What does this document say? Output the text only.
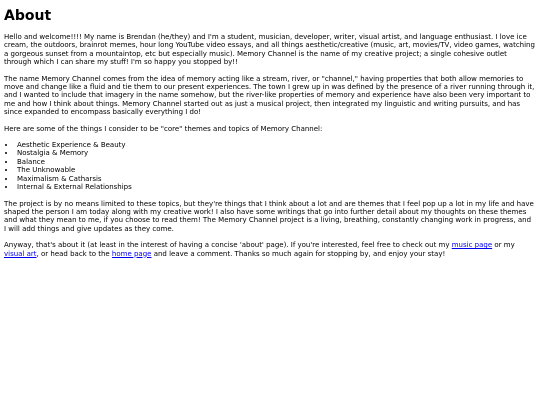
About

Hello and welcome!!!! My name is Brendan (he/they) and I'm a student, musician, developer, writer, visual artist, and language enthusiast. I love ice cream, the outdoors, brainrot memes, hour long YouTube video essays, and all things aesthetic/creative (music, art, movies/TV, video games, watching a gorgeous sunset from a mountaintop, etc but especially music). Memory Channel is the name of my creative project; a single cohesive outlet through which I can share my stuff! I'm so happy you stopped by!!

The name Memory Channel comes from the idea of memory acting like a stream, river, or "channel," having properties that both allow memories to move and change like a fluid and tie them to our present experiences. The town I grew up in was defined by the presence of a river running through it, and I wanted to include that imagery in the name somehow, but the river-like properties of memory and experience have also been very important to me and how I think about things. Memory Channel started out as just a musical project, then integrated my linguistic and writing pursuits, and has since expanded to encompass basically everything I do!

Here are some of the things I consider to be "core" themes and topics of Memory Channel:

• Aesthetic Experience & Beauty
• Nostalgia & Memory
• Balance
• The Unknowable
• Maximalism & Catharsis
• Internal & External Relationships

The project is by no means limited to these topics, but they're things that I think about a lot and are themes that I feel pop up a lot in my life and have shaped the person I am today along with my creative work! I also have some writings that go into further detail about my thoughts on these themes and what they mean to me, if you choose to read them! The Memory Channel project is a living, breathing, constantly changing work in progress, and I will add things and give updates as they come.

Anyway, that's about it (at least in the interest of having a concise 'about' page). If you're interested, feel free to check out my music page or my visual art, or head back to the home page and leave a comment. Thanks so much again for stopping by, and enjoy your stay!
